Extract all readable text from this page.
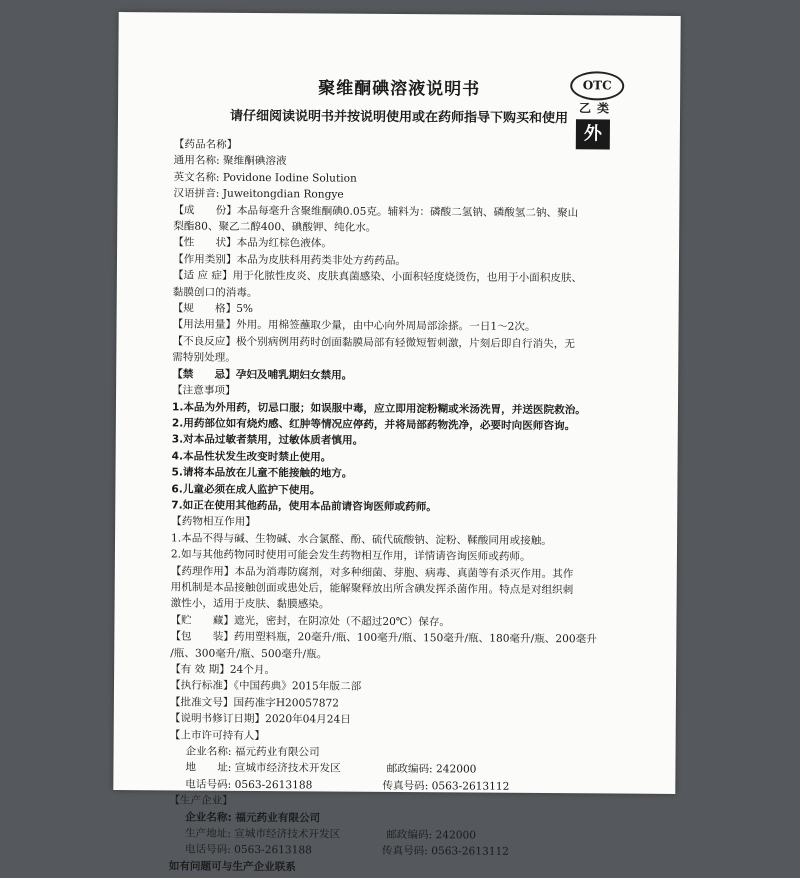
聚维酮碘溶液说明书
请仔细阅读说明书并按说明使用或在药师指导下购买和使用
OTC
乙类
外
【药品名称】
通用名称: 聚维酮碘溶液
英文名称: Povidone Iodine Solution
汉语拼音: Juweitongdian Rongye
【成　　份】本品每毫升含聚维酮碘0.05克。辅料为：磷酸二氢钠、磷酸氢二钠、聚山
梨酯80、聚乙二醇400、碘酸钾、纯化水。
【性　　状】本品为红棕色液体。
【作用类别】本品为皮肤科用药类非处方药药品。
【适 应 症】用于化脓性皮炎、皮肤真菌感染、小面积轻度烧烫伤，也用于小面积皮肤、
黏膜创口的消毒。
【规　　格】5%
【用法用量】外用。用棉签蘸取少量，由中心向外周局部涂搽。一日1～2次。
【不良反应】极个别病例用药时创面黏膜局部有轻微短暂刺激，片刻后即自行消失，无
需特别处理。
【禁　　忌】孕妇及哺乳期妇女禁用。
【注意事项】
1.本品为外用药，切忌口服；如误服中毒，应立即用淀粉糊或米汤洗胃，并送医院救治。
2.用药部位如有烧灼感、红肿等情况应停药，并将局部药物洗净，必要时向医师咨询。
3.对本品过敏者禁用，过敏体质者慎用。
4.本品性状发生改变时禁止使用。
5.请将本品放在儿童不能接触的地方。
6.儿童必须在成人监护下使用。
7.如正在使用其他药品，使用本品前请咨询医师或药师。
【药物相互作用】
1.本品不得与碱、生物碱、水合氯醛、酚、硫代硫酸钠、淀粉、鞣酸同用或接触。
2.如与其他药物同时使用可能会发生药物相互作用，详情请咨询医师或药师。
【药理作用】本品为消毒防腐剂，对多种细菌、芽胞、病毒、真菌等有杀灭作用。其作
用机制是本品接触创面或患处后，能解聚释放出所含碘发挥杀菌作用。特点是对组织刺
激性小，适用于皮肤、黏膜感染。
【贮　　藏】遮光，密封，在阴凉处（不超过20℃）保存。
【包　　装】药用塑料瓶，20毫升/瓶、100毫升/瓶、150毫升/瓶、180毫升/瓶、200毫升
/瓶、300毫升/瓶、500毫升/瓶。
【有 效 期】24个月。
【执行标准】《中国药典》2015年版二部
【批准文号】国药准字H20057872
【说明书修订日期】2020年04月24日
【上市许可持有人】
企业名称: 福元药业有限公司
地　　址: 宣城市经济技术开发区	邮政编码: 242000
电话号码: 0563-2613188	传真号码: 0563-2613112
【生产企业】
企业名称: 福元药业有限公司
生产地址: 宣城市经济技术开发区	邮政编码: 242000
电话号码: 0563-2613188	传真号码: 0563-2613112
如有问题可与生产企业联系
